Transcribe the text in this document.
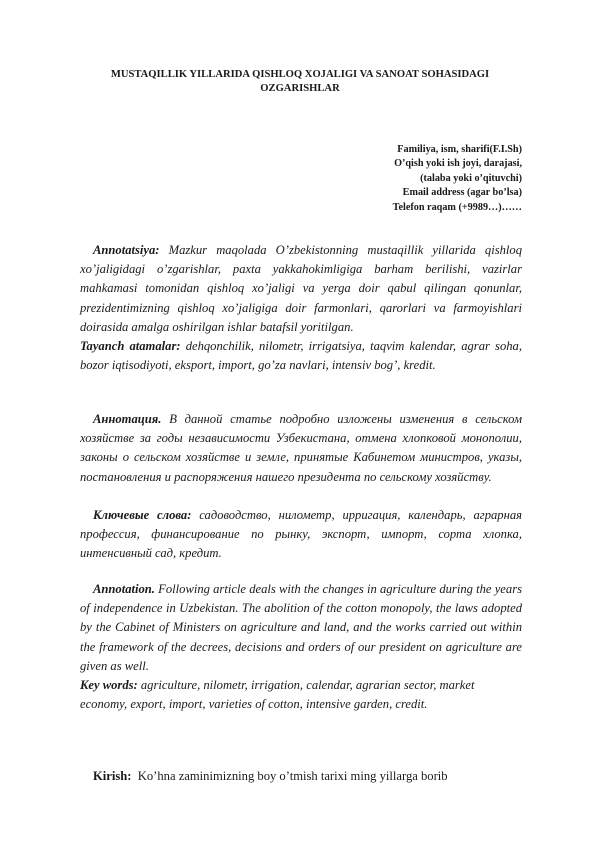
MUSTAQILLIK YILLARIDA QISHLOQ XOJALIGI VA SANOAT SOHASIDAGI
OZGARISHLAR
Familiya, ism, sharifi(F.I.Sh)
O’qish yoki ish joyi, darajasi,
(talaba yoki o’qituvchi)
Email address (agar bo’lsa)
Telefon raqam (+9989…)……

Annotatsiya: Mazkur maqolada O’zbekistonning mustaqillik yillarida qishloq xo’jaligidagi o’zgarishlar, paxta yakkahokimligiga barham berilishi, vazirlar mahkamasi tomonidan qishloq xo’jaligi va yerga doir qabul qilingan qonunlar, prezidentimizning qishloq xo’jaligiga doir farmonlari, qarorlari va farmoyishlari doirasida amalga oshirilgan ishlar batafsil yoritilgan.

Tayanch atamalar: dehqonchilik, nilometr, irrigatsiya, taqvim kalendar, agrar soha, bozor iqtisodiyoti, eksport, import, go’za navlari, intensiv bog’, kredit.

Аннотация. В данной статье подробно изложены изменения в сельском хозяйстве за годы независимости Узбекистана, отмена хлопковой монополии, законы о сельском хозяйстве и земле, принятые Кабинетом министров, указы, постановления и распоряжения нашего президента по сельскому хозяйству.

Ключевые слова: садоводство, нилометр, ирригация, календарь, аграрная профессия, финансирование по рынку, экспорт, импорт, сорта хлопка, интенсивный сад, кредит.

Annotation. Following article deals with the changes in agriculture during the years of independence in Uzbekistan. The abolition of the cotton monopoly, the laws adopted by the Cabinet of Ministers on agriculture and land, and the works carried out within the framework of the decrees, decisions and orders of our president on agriculture are given as well.

Key words: agriculture, nilometr, irrigation, calendar, agrarian sector, market
economy, export, import, varieties of cotton, intensive garden, credit.

Kirish: Ko’hna zaminimizning boy o’tmish tarixi ming yillarga borib
